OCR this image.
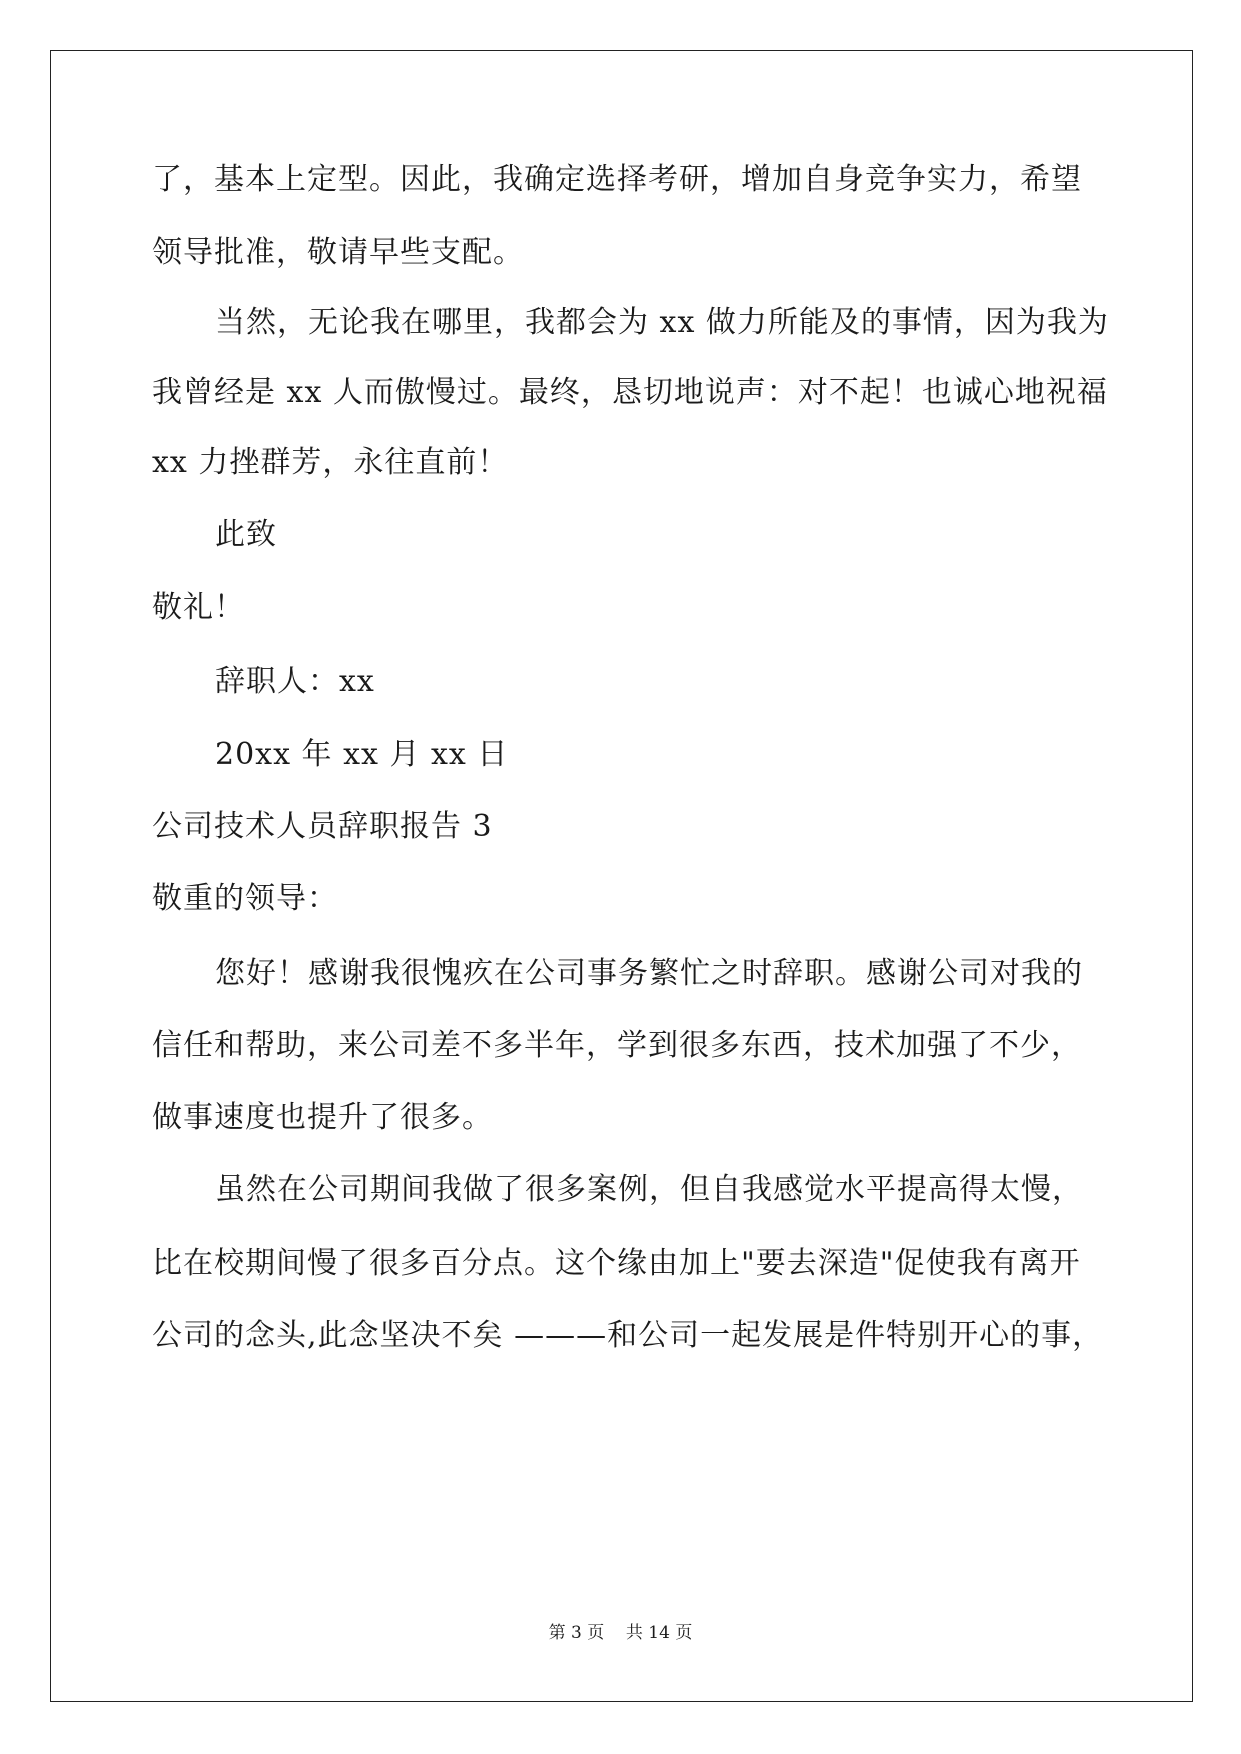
了，基本上定型。因此，我确定选择考研，增加自身竞争实力，希望
领导批准，敬请早些支配。
当然，无论我在哪里，我都会为 xx 做力所能及的事情，因为我为
我曾经是 xx 人而傲慢过。最终，恳切地说声：对不起！也诚心地祝福
xx 力挫群芳，永往直前！
此致
敬礼！
辞职人：xx
20xx 年 xx 月 xx 日
公司技术人员辞职报告 3
敬重的领导：
您好！感谢我很愧疚在公司事务繁忙之时辞职。感谢公司对我的
信任和帮助，来公司差不多半年，学到很多东西，技术加强了不少，
做事速度也提升了很多。
虽然在公司期间我做了很多案例，但自我感觉水平提高得太慢，
比在校期间慢了很多百分点。这个缘由加上"要去深造"促使我有离开
公司的念头,此念坚决不矣 ———和公司一起发展是件特别开心的事，
第 3 页    共 14 页
